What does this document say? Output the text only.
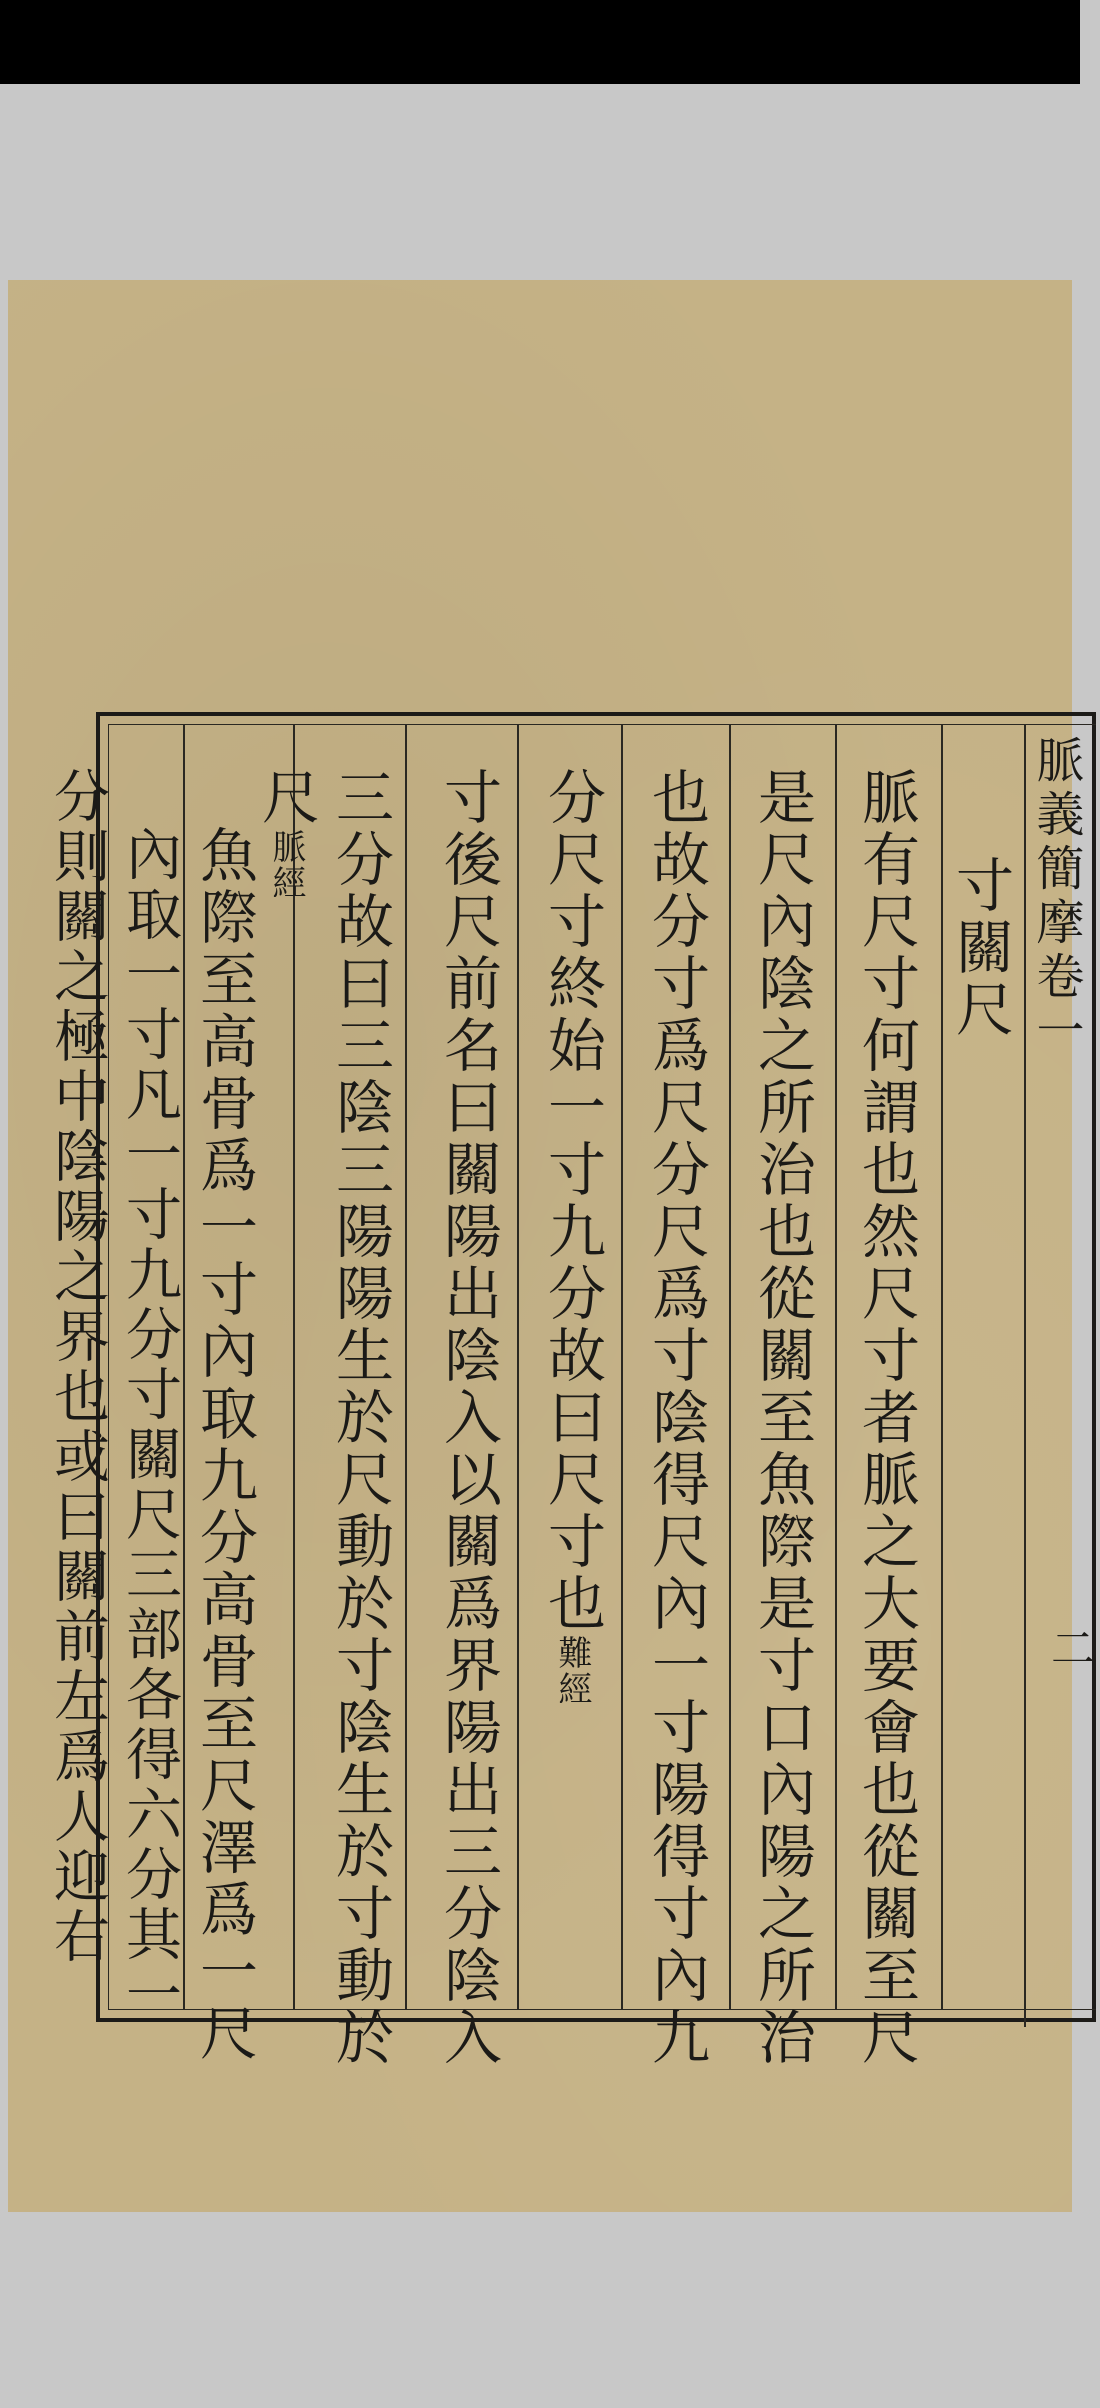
脈義簡摩卷一
二
寸關尺
脈有尺寸何謂也然尺寸者脈之大要會也從關至尺
是尺內陰之所治也從關至魚際是寸口內陽之所治
也故分寸爲尺分尺爲寸陰得尺內一寸陽得寸內九
分尺寸終始一寸九分故曰尺寸也難經
寸後尺前名曰關陽出陰入以關爲界陽出三分陰入
三分故曰三陰三陽陽生於尺動於寸陰生於寸動於
尺脈經
魚際至高骨爲一寸內取九分高骨至尺澤爲一尺
內取一寸凡一寸九分寸關尺三部各得六分其一
分則關之極中陰陽之界也或曰關前左爲人迎右
